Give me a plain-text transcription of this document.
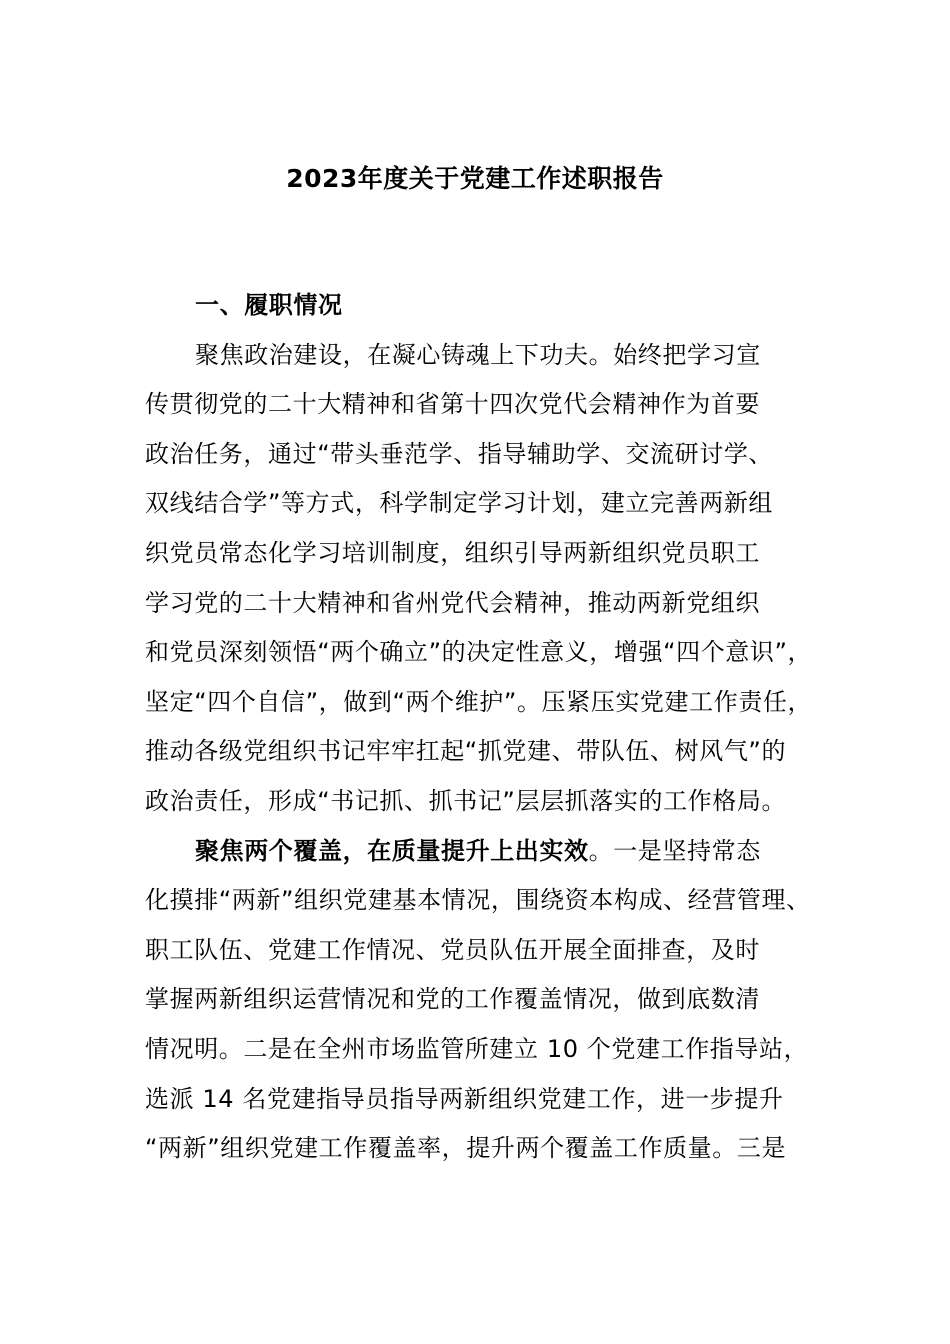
2023年度关于党建工作述职报告
一、履职情况
聚焦政治建设，在凝心铸魂上下功夫。始终把学习宣
传贯彻党的二十大精神和省第十四次党代会精神作为首要
政治任务，通过“带头垂范学、指导辅助学、交流研讨学、
双线结合学”等方式，科学制定学习计划，建立完善两新组
织党员常态化学习培训制度，组织引导两新组织党员职工
学习党的二十大精神和省州党代会精神，推动两新党组织
和党员深刻领悟“两个确立”的决定性意义，增强“四个意识”，
坚定“四个自信”，做到“两个维护”。压紧压实党建工作责任，
推动各级党组织书记牢牢扛起“抓党建、带队伍、树风气”的
政治责任，形成“书记抓、抓书记”层层抓落实的工作格局。
聚焦两个覆盖，在质量提升上出实效。一是坚持常态
化摸排“两新”组织党建基本情况，围绕资本构成、经营管理、
职工队伍、党建工作情况、党员队伍开展全面排查，及时
掌握两新组织运营情况和党的工作覆盖情况，做到底数清
情况明。二是在全州市场监管所建立 10 个党建工作指导站，
选派 14 名党建指导员指导两新组织党建工作，进一步提升
“两新”组织党建工作覆盖率，提升两个覆盖工作质量。三是
